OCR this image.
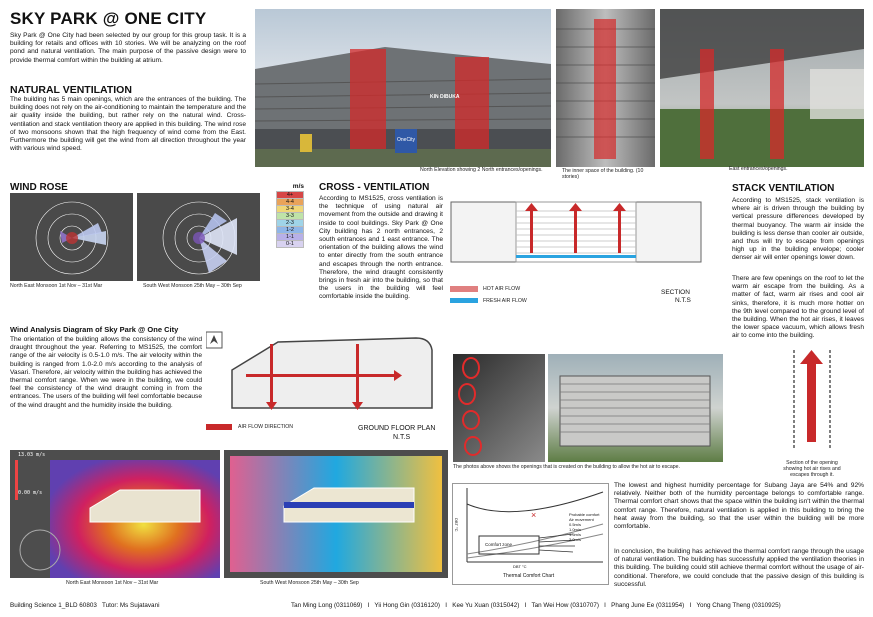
SKY PARK @ ONE CITY
Sky Park @ One City had been selected by our group for this group task. It is a building for retails and offices with 10 stories. We will be analyzing on the roof pond and natural ventilation. The main purpose of the passive design were to provide thermal comfort within the building at atrium.
NATURAL VENTILATION
The building has 5 main openings, which are the entrances of the building. The building does not rely on the air-conditioning to maintain the temperature and the air quality inside the building, but rather rely on the natural wind. Cross-ventilation and stack ventilation theory are applied in this building. The wind rose of two monsoons shown that the high frequency of wind come from the East. Furthermore the building will get the wind from all direction throughout the year with various wind speed.
KIN DIBUKA
OneCity
North Elevation showing 2 North entrances/openings.	The inner space of the building. (10 stories)
East entrances/openings.
WIND ROSE	m/s
4+
4-4
3-4
3-3
2-3
1-2
1-1
0-1
North East Monsoon 1st Nov – 31st Mar	South West Monsoon 25th May – 30th Sep
CROSS - VENTILATION
According to MS1525, cross ventilation is the technique of using natural air movement from the outside and drawing it inside to cool buildings. Sky Park @ One City building has 2 north entrances, 2 south entrances and 1 east entrance. The orientation of the building allows the wind to enter directly from the south entrance and escapes through the north entrance. Therefore, the wind draught consistently brings in fresh air into the building, so that the users in the building will feel comfortable inside the building.
HOT AIR FLOW
FRESH AIR FLOW
SECTION
N.T.S
STACK VENTILATION
According to MS1525, stack ventilation is where air is driven through the building by vertical pressure differences developed by thermal buoyancy. The warm air inside the building is less dense than cooler air outside, and thus will try to escape from openings high up in the building envelope; cooler denser air will enter openings lower down.
There are few openings on the roof to let the warm air escape from the building. As a matter of fact, warm air rises and cool air sinks, therefore, it is much more hotter on the 9th level compared to the ground level of the building. When the hot air rises, it leaves the lower space vacuum, which allows fresh air to come into the building.
Wind Analysis Diagram of Sky Park @ One City
The orientation of the building allows the consistency of the wind draught throughout the year. Referring to MS1525, the comfort range of the air velocity is 0.5-1.0 m/s. The air velocity within the building is ranged from 1.0-2.0 m/s according to the analysis of Vasari. Therefore, air velocity within the building has achieved the thermal comfort range. When we were in the building, we could feel the consistency of the wind draught coming in from the entrances. The users of the building will feel comfortable because of the wind draught and the humidity inside the building.
AIR FLOW DIRECTION	GROUND FLOOR PLAN
N.T.S
The photos above shows the openings that is created on the building to allow the hot air to escape.
Section of the opening showing hot air rises and escapes through it.
13.03 m/s
0.00 m/s
North East Monsoon 1st Nov – 31st Mar	South West Monsoon 25th May – 30th Sep
×
Comfort zone
Probable comfort
Air movement
0.5m/s
1.0m/s
1.5m/s
2.0m/s
DBT °C
DBT °C
Thermal Comfort Chart
The lowest and highest humidity percentage for Subang Jaya are 54% and 92% relatively. Neither both of the humidity percentage belongs to comfortable range. Thermal comfort chart shows that the space within the building isn't within the thermal comfort range. Therefore, natural ventilation is applied in this building to bring the heat away from the building, so that the user within the building will be more comfortable.
In conclusion, the building has achieved the thermal comfort range through the usage of natural ventilation. The building has successfully applied the ventilation theories in this building. The building could still achieve thermal comfort without the usage of air-conditional. Therefore, we could conclude that the passive design of this building is successful.
Building Science 1_BLD 60803   Tutor: Ms Sujatavani	Tan Ming Long (0311069)   I   Yii Hong Gin (0316120)   I   Kee Yu Xuan (0315042)   I   Tan Wei How (0310707)   I   Phang June Ee (0311954)   I   Yong Chang Theng (0310925)
